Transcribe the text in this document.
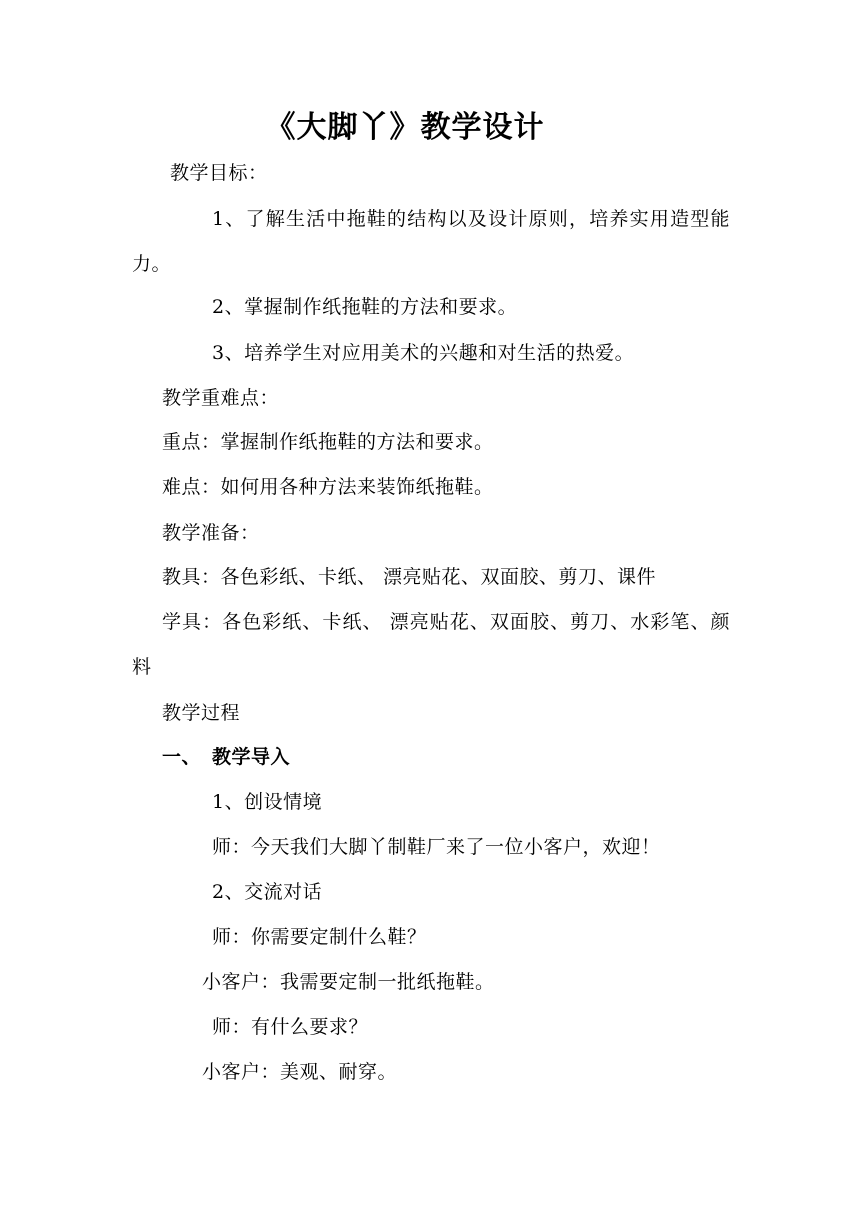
《大脚丫》教学设计
教学目标：
1、了解生活中拖鞋的结构以及设计原则，培养实用造型能
力。
2、掌握制作纸拖鞋的方法和要求。
3、培养学生对应用美术的兴趣和对生活的热爱。
教学重难点：
重点：掌握制作纸拖鞋的方法和要求。
难点：如何用各种方法来装饰纸拖鞋。
教学准备：
教具：各色彩纸、卡纸、 漂亮贴花、双面胶、剪刀、课件
学具：各色彩纸、卡纸、 漂亮贴花、双面胶、剪刀、水彩笔、颜
料
教学过程
一、 教学导入
1、创设情境
师：今天我们大脚丫制鞋厂来了一位小客户，欢迎！
2、交流对话
师：你需要定制什么鞋？
小客户：我需要定制一批纸拖鞋。
师：有什么要求？
小客户：美观、耐穿。
